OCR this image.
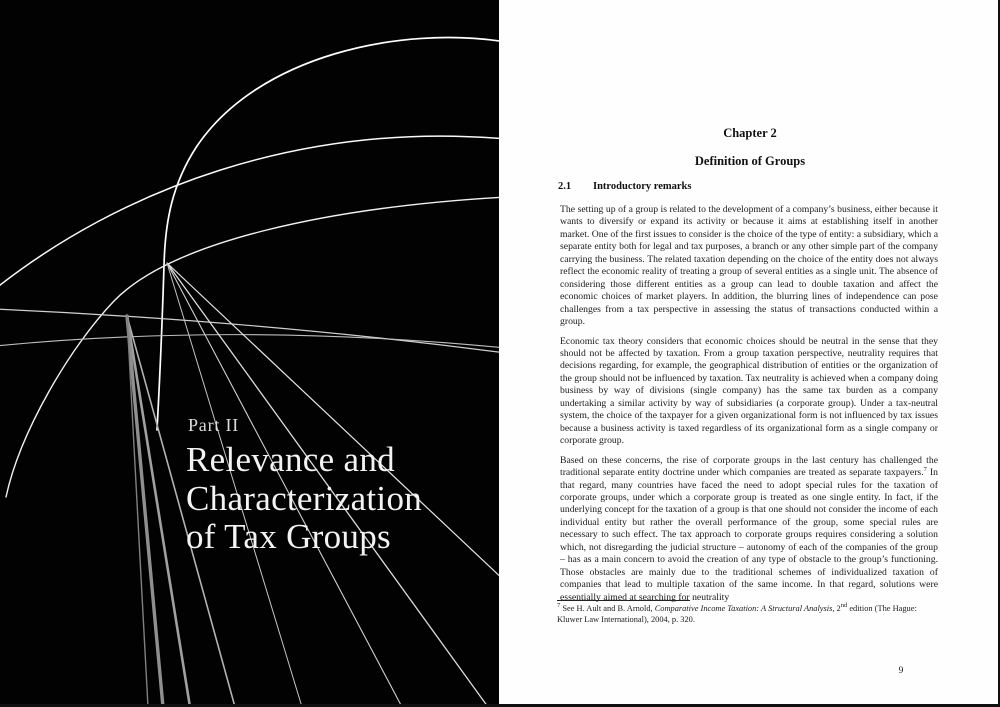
Part II
Relevance and
Characterization
of Tax Groups
Chapter 2
Definition of Groups
2.1 Introductory remarks

The setting up of a group is related to the development of a company’s business, either because it wants to diversify or expand its activity or because it aims at establishing itself in another market. One of the first issues to consider is the choice of the type of entity: a subsidiary, which a separate entity both for legal and tax purposes, a branch or any other simple part of the company carrying the business. The related taxation depending on the choice of the entity does not always reflect the economic reality of treating a group of several entities as a single unit. The absence of considering those different entities as a group can lead to double taxation and affect the economic choices of market players. In addition, the blurring lines of independence can pose challenges from a tax perspective in assessing the status of transactions conducted within a group.

Economic tax theory considers that economic choices should be neutral in the sense that they should not be affected by taxation. From a group taxation perspective, neutrality requires that decisions regarding, for example, the geographical distribution of entities or the organization of the group should not be influenced by taxation. Tax neutrality is achieved when a company doing business by way of divisions (single company) has the same tax burden as a company undertaking a similar activity by way of subsidiaries (a corporate group). Under a tax-neutral system, the choice of the taxpayer for a given organizational form is not influenced by tax issues because a business activity is taxed regardless of its organizational form as a single company or corporate group.

Based on these concerns, the rise of corporate groups in the last century has challenged the traditional separate entity doctrine under which companies are treated as separate taxpayers.$^7$ In that regard, many countries have faced the need to adopt special rules for the taxation of corporate groups, under which a corporate group is treated as one single entity. In fact, if the underlying concept for the taxation of a group is that one should not consider the income of each individual entity but rather the overall performance of the group, some special rules are necessary to such effect. The tax approach to corporate groups requires considering a solution which, not disregarding the judicial structure – autonomy of each of the companies of the group – has as a main concern to avoid the creation of any type of obstacle to the group’s functioning. Those obstacles are mainly due to the traditional schemes of individualized taxation of companies that lead to multiple taxation of the same income. In that regard, solutions were essentially aimed at searching for neutrality

$^7$ See H. Ault and B. Arnold, Comparative Income Taxation: A Structural Analysis, 2nd edition (The Hague: Kluwer Law International), 2004, p. 320.
9
